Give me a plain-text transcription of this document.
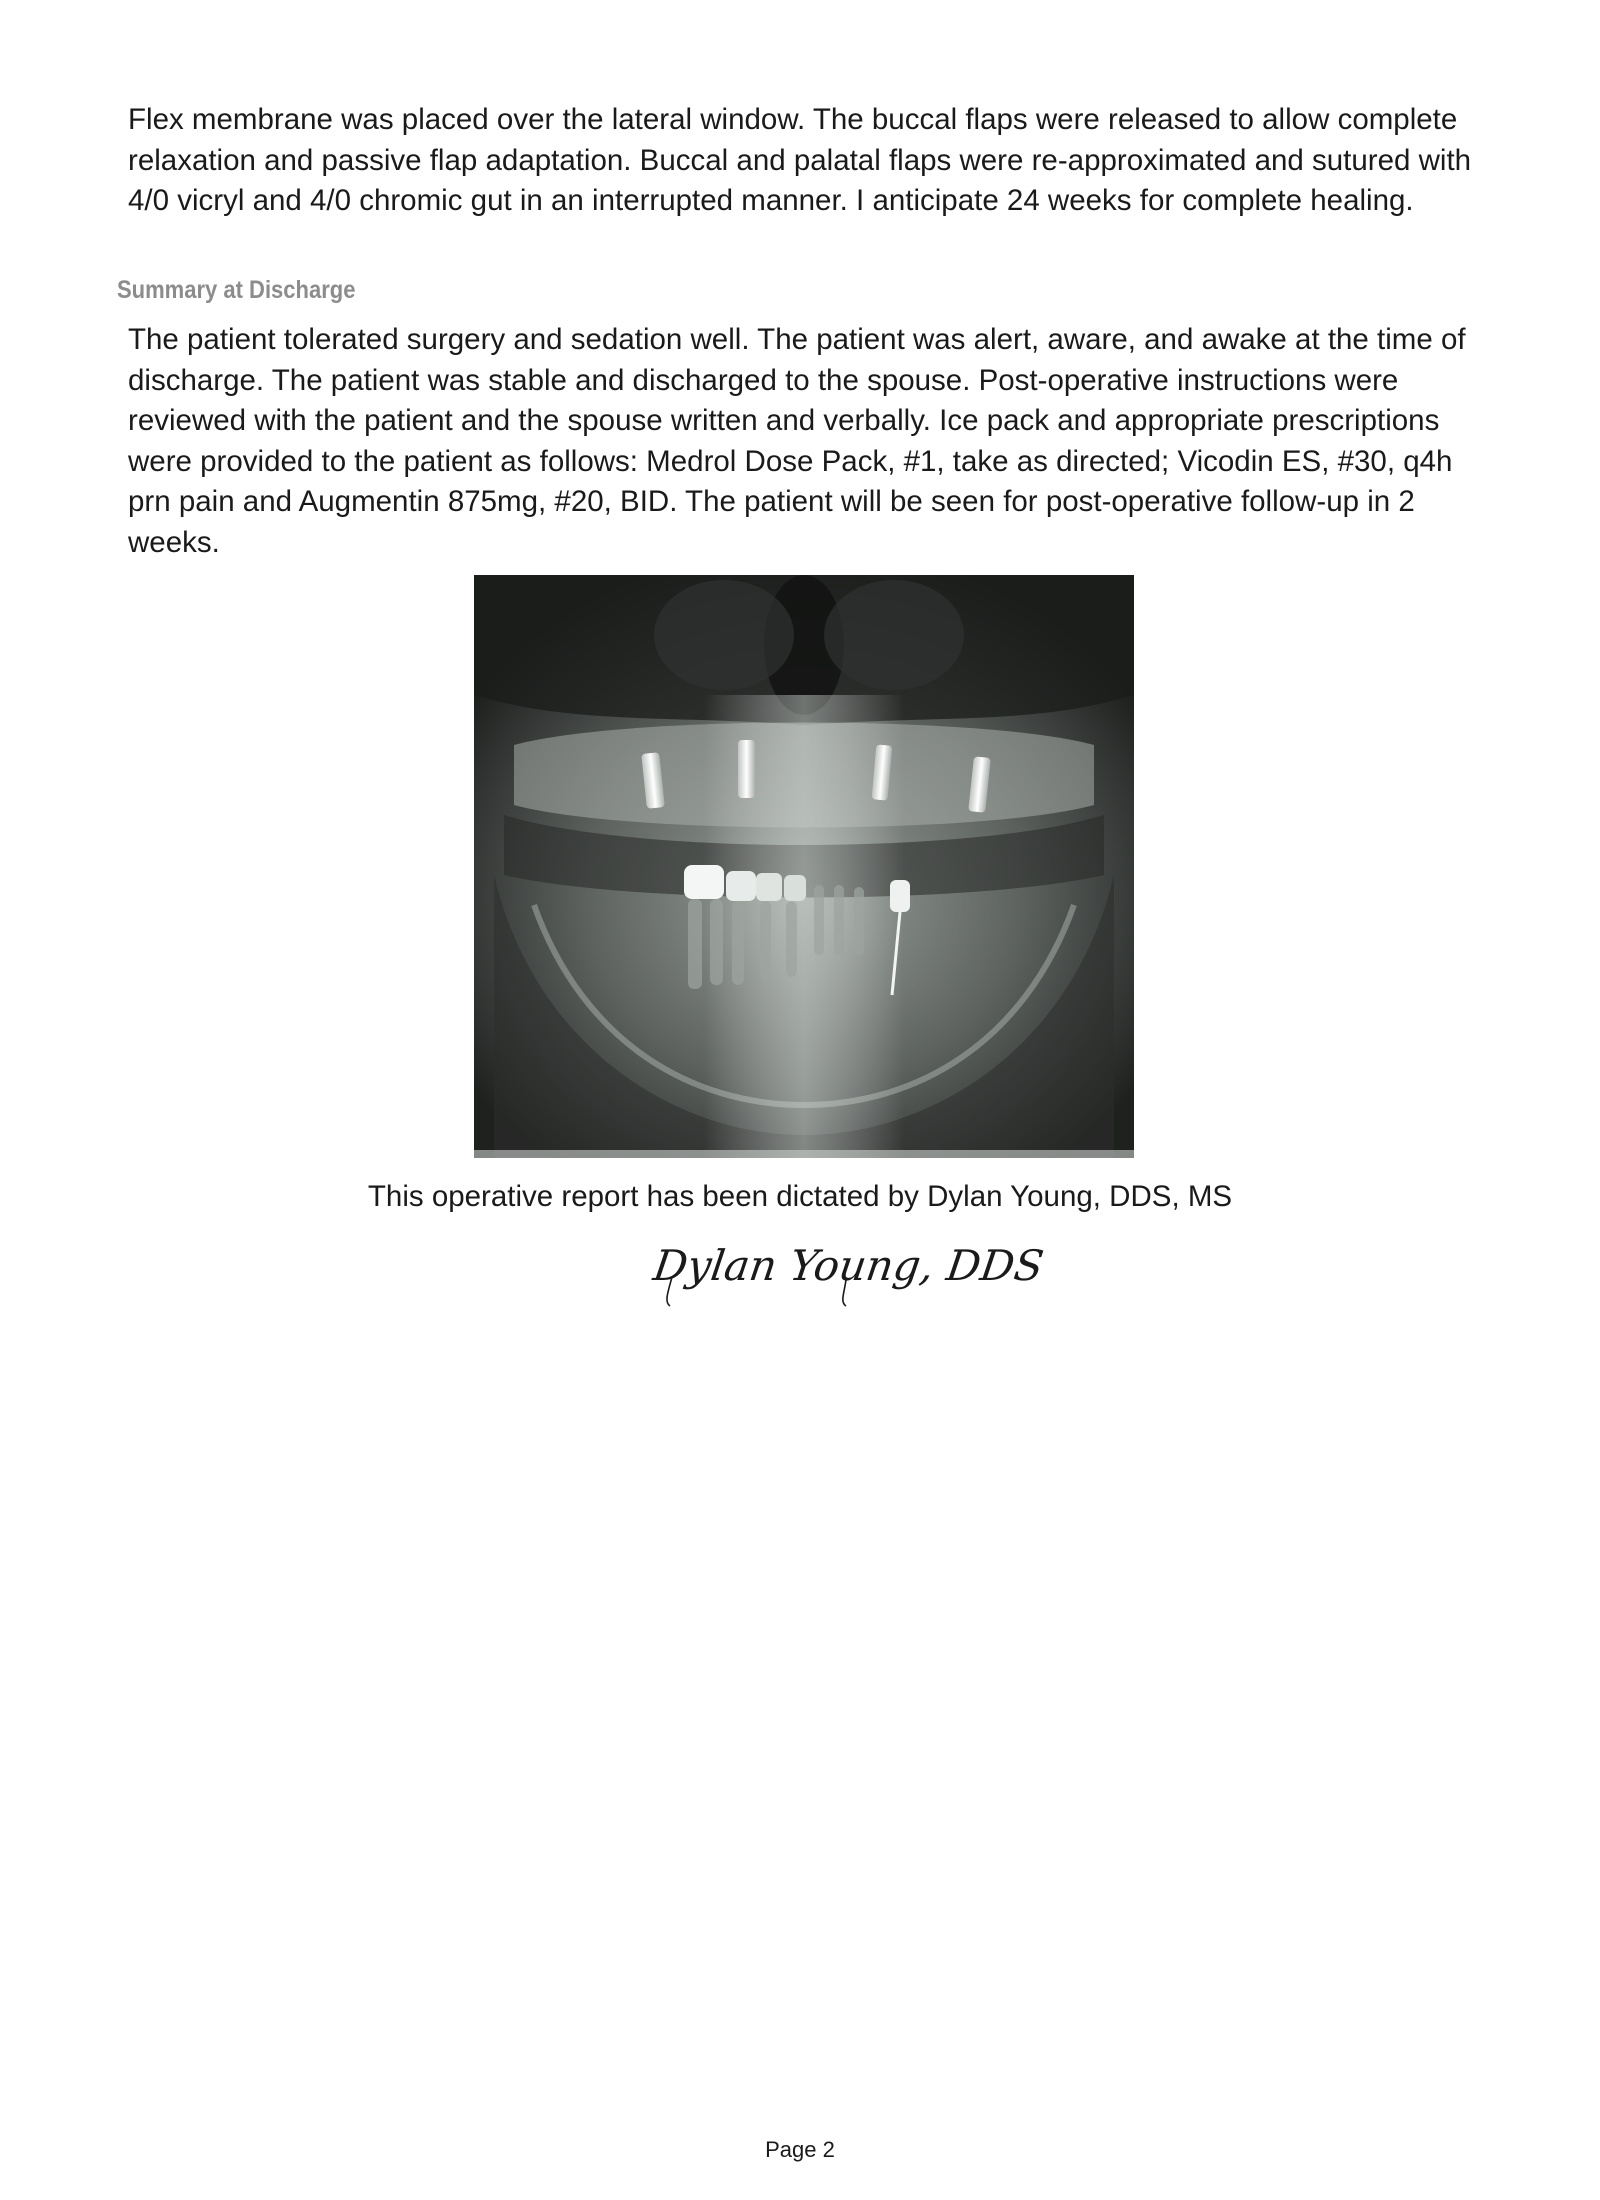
Flex membrane was placed over the lateral window. The buccal flaps were released to allow complete relaxation and passive flap adaptation. Buccal and palatal flaps were re-approximated and sutured with 4/0 vicryl and 4/0 chromic gut in an interrupted manner. I anticipate 24 weeks for complete healing.

Summary at Discharge

The patient tolerated surgery and sedation well. The patient was alert, aware, and awake at the time of discharge. The patient was stable and discharged to the spouse. Post-operative instructions were reviewed with the patient and the spouse written and verbally. Ice pack and appropriate prescriptions were provided to the patient as follows: Medrol Dose Pack, #1, take as directed; Vicodin ES, #30, q4h prn pain and Augmentin 875mg, #20, BID. The patient will be seen for post-operative follow-up in 2 weeks.

This operative report has been dictated by Dylan Young, DDS, MS

Dylan Young, DDS

Page 2
